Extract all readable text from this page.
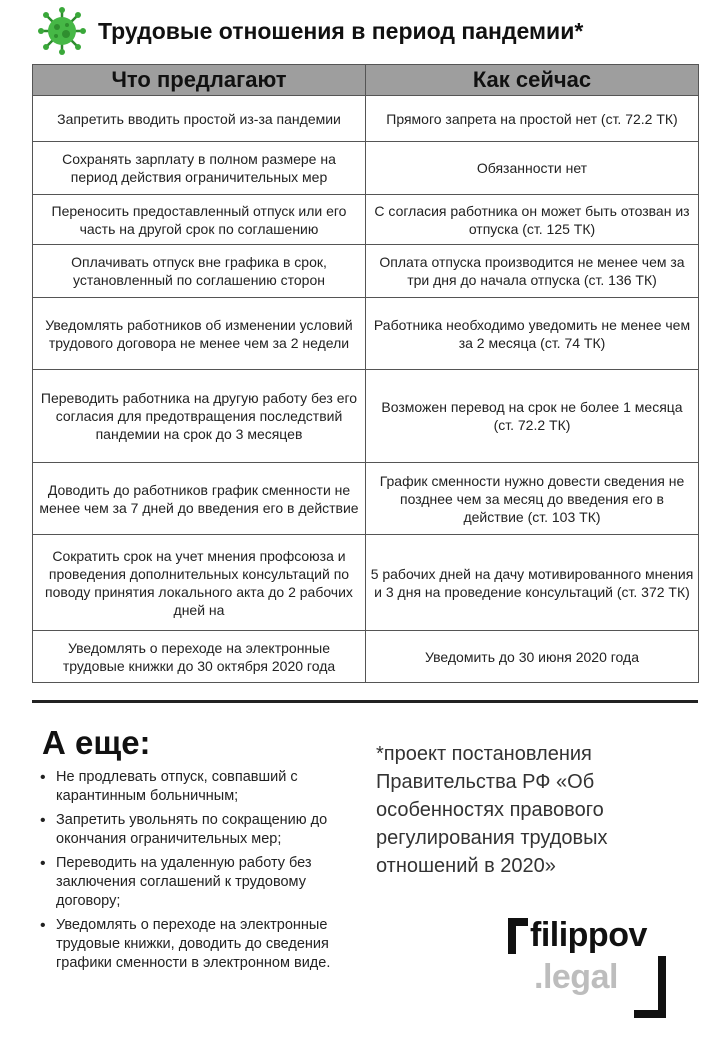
Трудовые отношения в период пандемии*
Что предлагают	Как сейчас
Запретить вводить простой из-за пандемии	Прямого запрета на простой нет (ст. 72.2 ТК)
Сохранять зарплату в полном размере на период действия ограничительных мер	Обязанности нет
Переносить предоставленный отпуск или его часть на другой срок по соглашению	С согласия работника он может быть отозван из отпуска (ст. 125 ТК)
Оплачивать отпуск вне графика в срок, установленный по соглашению сторон	Оплата отпуска производится не менее чем за три дня до начала отпуска (ст. 136 ТК)
Уведомлять работников об изменении условий трудового договора не менее чем за 2 недели	Работника необходимо уведомить не менее чем за 2 месяца (ст. 74 ТК)
Переводить работника на другую работу без его согласия для предотвращения последствий пандемии на срок до 3 месяцев	Возможен перевод на срок не более 1 месяца (ст. 72.2 ТК)
Доводить до работников график сменности не менее чем за 7 дней до введения его в действие	График сменности нужно довести сведения не позднее чем за месяц до введения его в действие (ст. 103 ТК)
Сократить срок на учет мнения профсоюза и проведения дополнительных консультаций по поводу принятия локального акта до 2 рабочих дней на	5 рабочих дней на дачу мотивированного мнения и 3 дня на проведение консультаций (ст. 372 ТК)
Уведомлять о переходе на электронные трудовые книжки до 30 октября 2020 года	Уведомить до 30 июня 2020 года
А еще:
• Не продлевать отпуск, совпавший с карантинным больничным;
• Запретить увольнять по сокращению до окончания ограничительных мер;
• Переводить на удаленную работу без заключения соглашений к трудовому договору;
• Уведомлять о переходе на электронные трудовые книжки, доводить до сведения графики сменности в электронном виде.
*проект постановления Правительства РФ «Об особенностях правового регулирования трудовых отношений в 2020»
filippov
.legal
